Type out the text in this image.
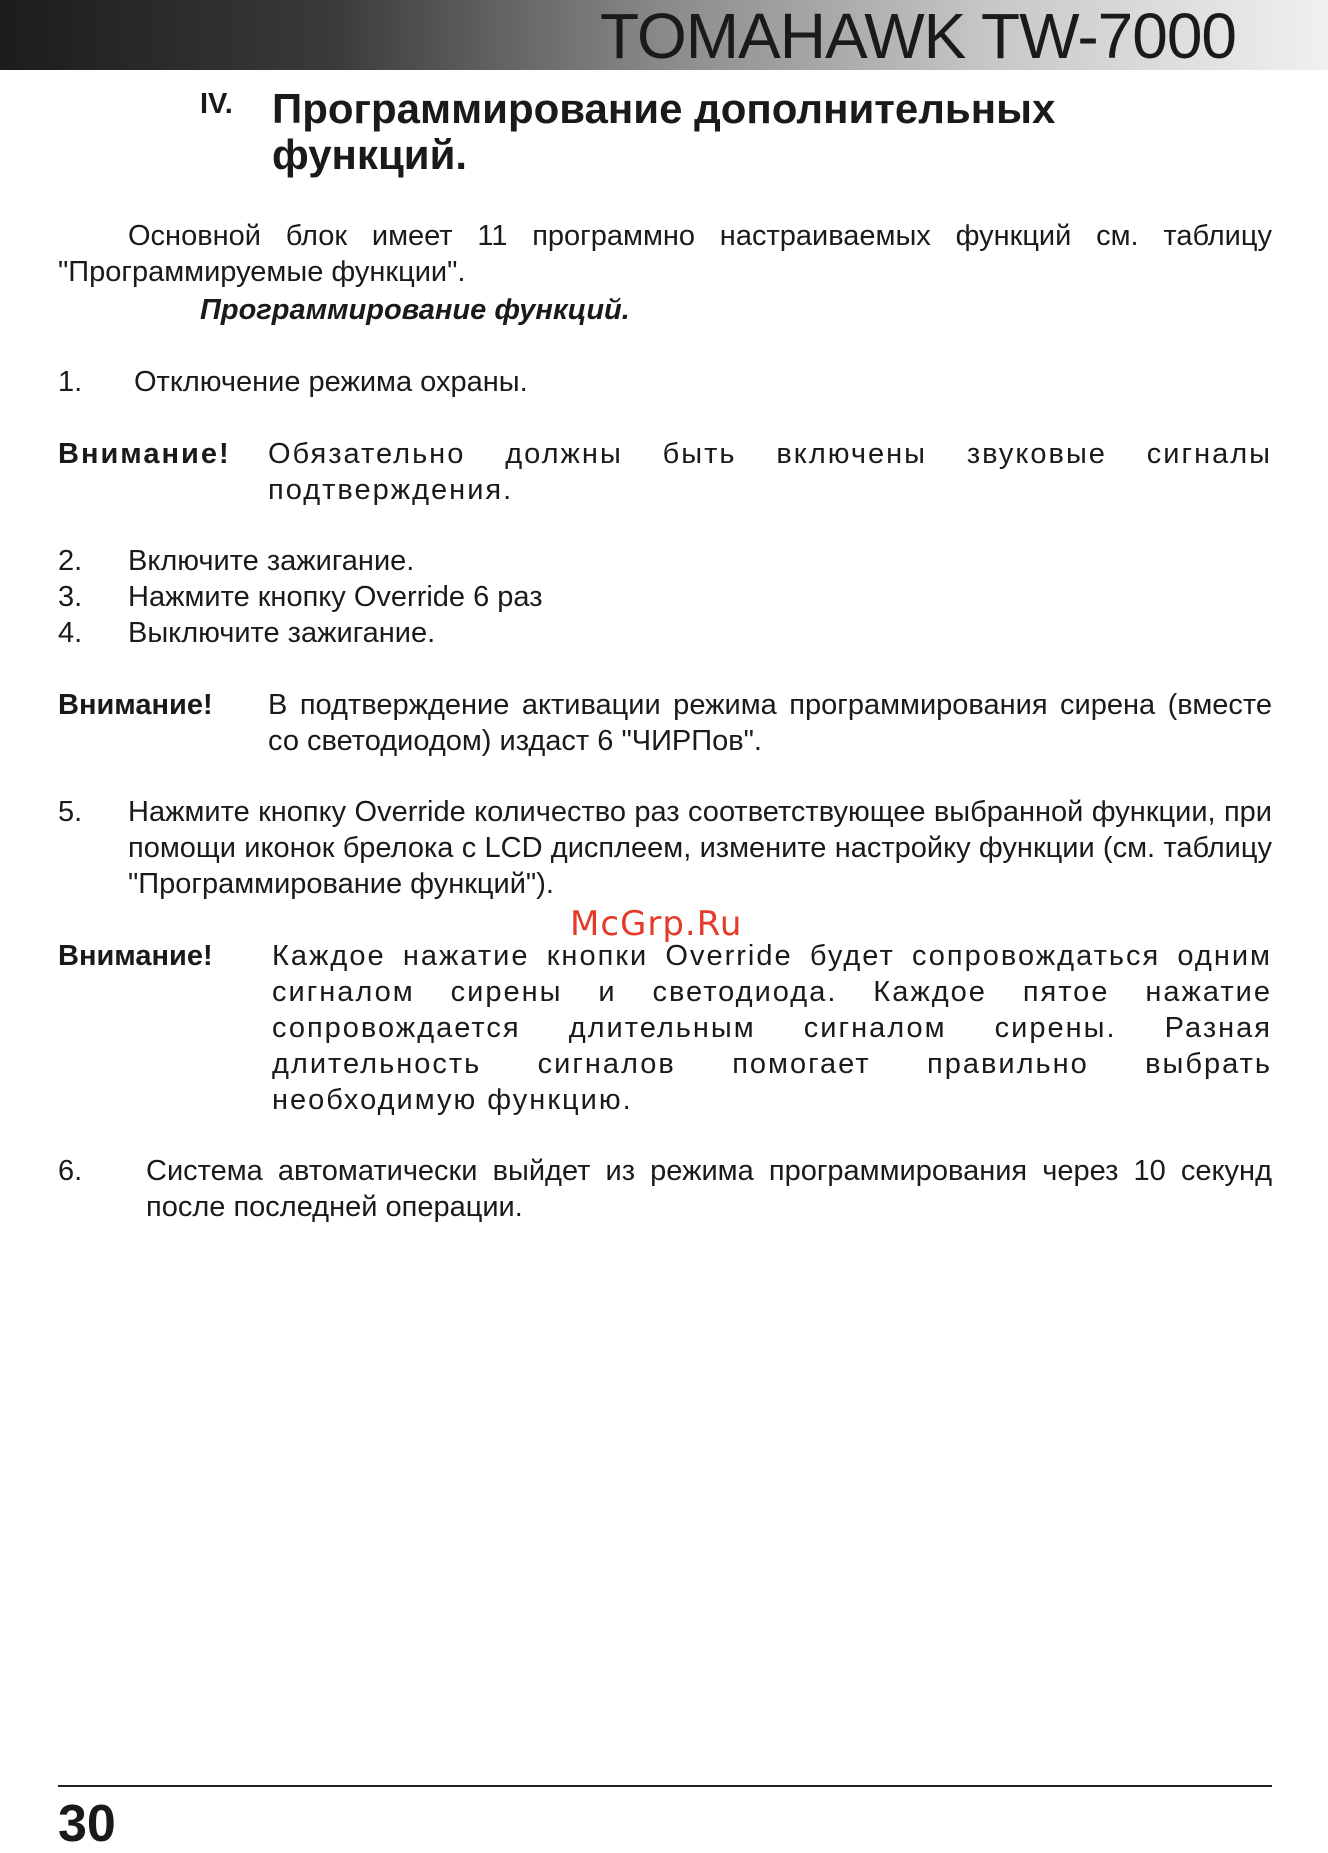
TOMAHAWK TW-7000
IV. Программирование дополнительных функций.
Основной блок имеет 11 программно настраиваемых функций см. таблицу "Программируемые функции".
Программирование функций.
1. Отключение режима охраны.
Внимание! Обязательно должны быть включены звуковые сигналы подтверждения.
2. Включите зажигание.
3. Нажмите кнопку Override 6 раз
4. Выключите зажигание.
Внимание! В подтверждение активации режима программирования сирена (вместе со светодиодом) издаст 6 "ЧИРПов".
5. Нажмите кнопку Override количество раз соответствующее выбранной функции, при помощи иконок брелока с LCD дисплеем, измените настройку функции (см. таблицу "Программирование функций").
Внимание! Каждое нажатие кнопки Override будет сопровождаться одним сигналом сирены и светодиода. Каждое пятое нажатие сопровождается длительным сигналом сирены. Разная длительность сигналов помогает правильно выбрать необходимую функцию.
McGrp.Ru
6. Система автоматически выйдет из режима программирования через 10 секунд после последней операции.
30
